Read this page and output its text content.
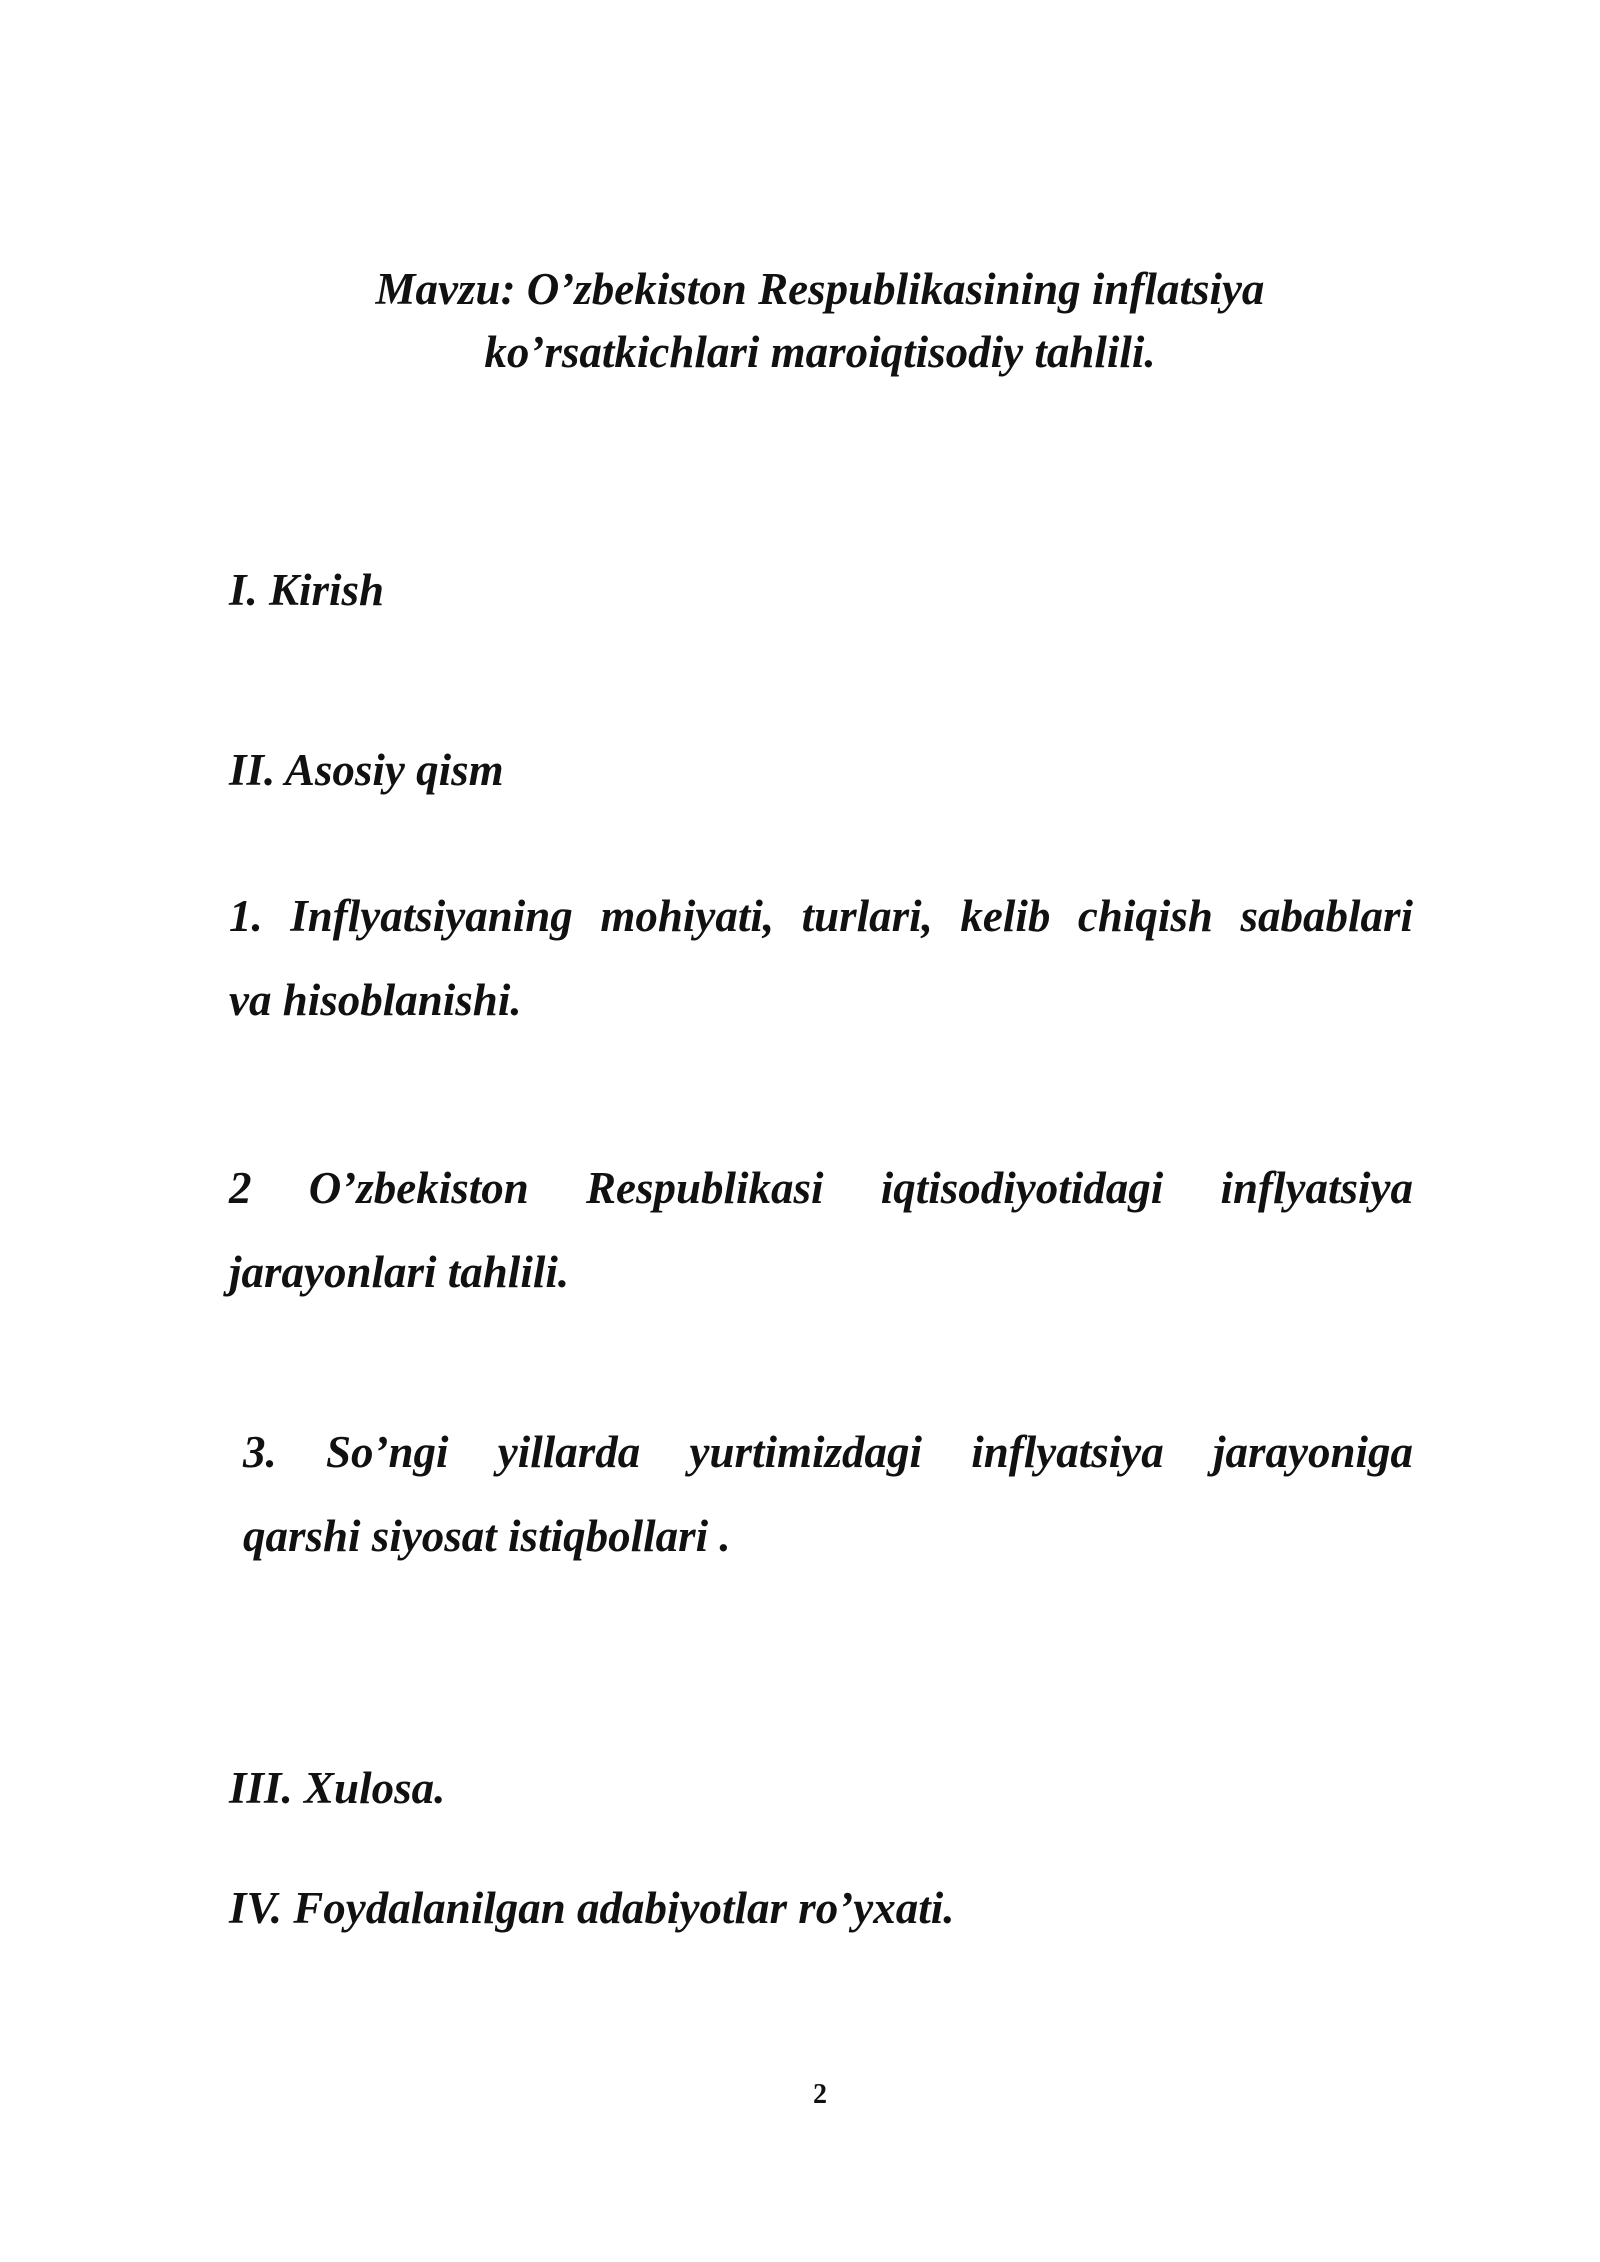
Mavzu: O’zbekiston Respublikasining inflatsiya
ko’rsatkichlari maroiqtisodiy tahlili.
I. Kirish
II. Asosiy qism
1. Inflyatsiyaning mohiyati, turlari, kelib chiqish sabablari
va hisoblanishi.
2 O’zbekiston Respublikasi iqtisodiyotidagi inflyatsiya
jarayonlari tahlili.
3. So’ngi yillarda yurtimizdagi inflyatsiya jarayoniga
qarshi siyosat istiqbollari .
III. Xulosa.
IV. Foydalanilgan adabiyotlar ro’yxati.
2
